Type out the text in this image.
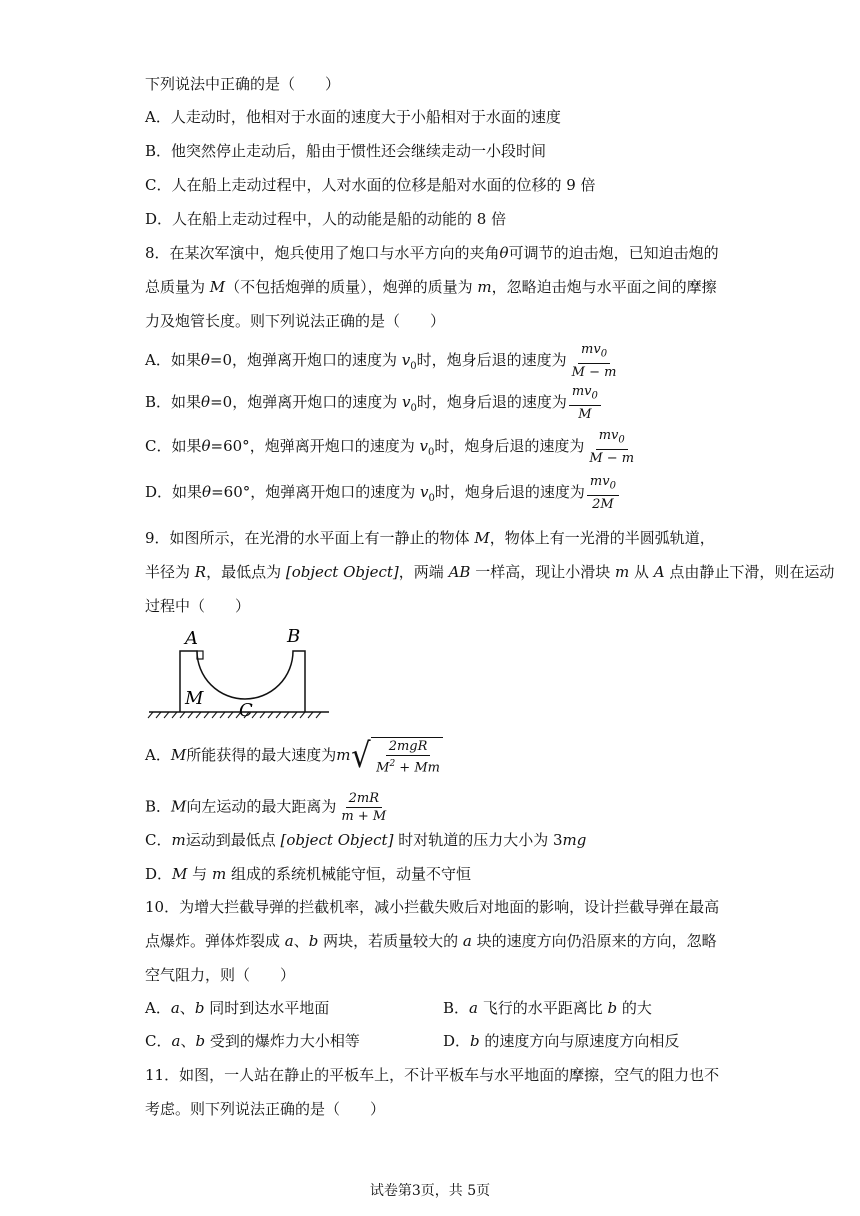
下列说法中正确的是（　　）
A．人走动时，他相对于水面的速度大于小船相对于水面的速度
B．他突然停止走动后，船由于惯性还会继续走动一小段时间
C．人在船上走动过程中，人对水面的位移是船对水面的位移的 9 倍
D．人在船上走动过程中，人的动能是船的动能的 8 倍
8．在某次军演中，炮兵使用了炮口与水平方向的夹角θ可调节的迫击炮，已知迫击炮的
总质量为 M（不包括炮弹的质量），炮弹的质量为 m，忽略迫击炮与水平面之间的摩擦
力及炮管长度。则下列说法正确的是（　　）
A．如果θ=0，炮弹离开炮口的速度为 $v_0$时，炮身后退的速度为 $\frac{mv_0}{M - m}$
B．如果θ=0，炮弹离开炮口的速度为 $v_0$时，炮身后退的速度为 $\frac{mv_0}{M}$
C．如果θ=60°，炮弹离开炮口的速度为 $v_0$时，炮身后退的速度为 $\frac{mv_0}{M - m}$
D．如果θ=60°，炮弹离开炮口的速度为 $v_0$时，炮身后退的速度为 $\frac{mv_0}{2M}$
9．如图所示，在光滑的水平面上有一静止的物体 M，物体上有一光滑的半圆弧轨道，
半径为 R，最低点为 [object Object]，两端 AB 一样高，现让小滑块 m 从 A 点由静止下滑，则在运动
过程中（　　）
A	B
M
C
A．M所能获得的最大速度为m √ $\frac{\text{2mgR}}{M^2 + Mm}$
B．M向左运动的最大距离为 $\frac{2mR}{m + M}$
C．m运动到最低点 [object Object] 时对轨道的压力大小为 3mg
D．M 与 m 组成的系统机械能守恒，动量不守恒
10．为增大拦截导弹的拦截机率，减小拦截失败后对地面的影响，设计拦截导弹在最高
点爆炸。弹体炸裂成 a、b 两块，若质量较大的 a 块的速度方向仍沿原来的方向，忽略
空气阻力，则（　　）
A．a、b 同时到达水平地面	B．a 飞行的水平距离比 b 的大
C．a、b 受到的爆炸力大小相等	D．b 的速度方向与原速度方向相反
11．如图，一人站在静止的平板车上，不计平板车与水平地面的摩擦，空气的阻力也不
考虑。则下列说法正确的是（　　）
试卷第3页，共 5页
